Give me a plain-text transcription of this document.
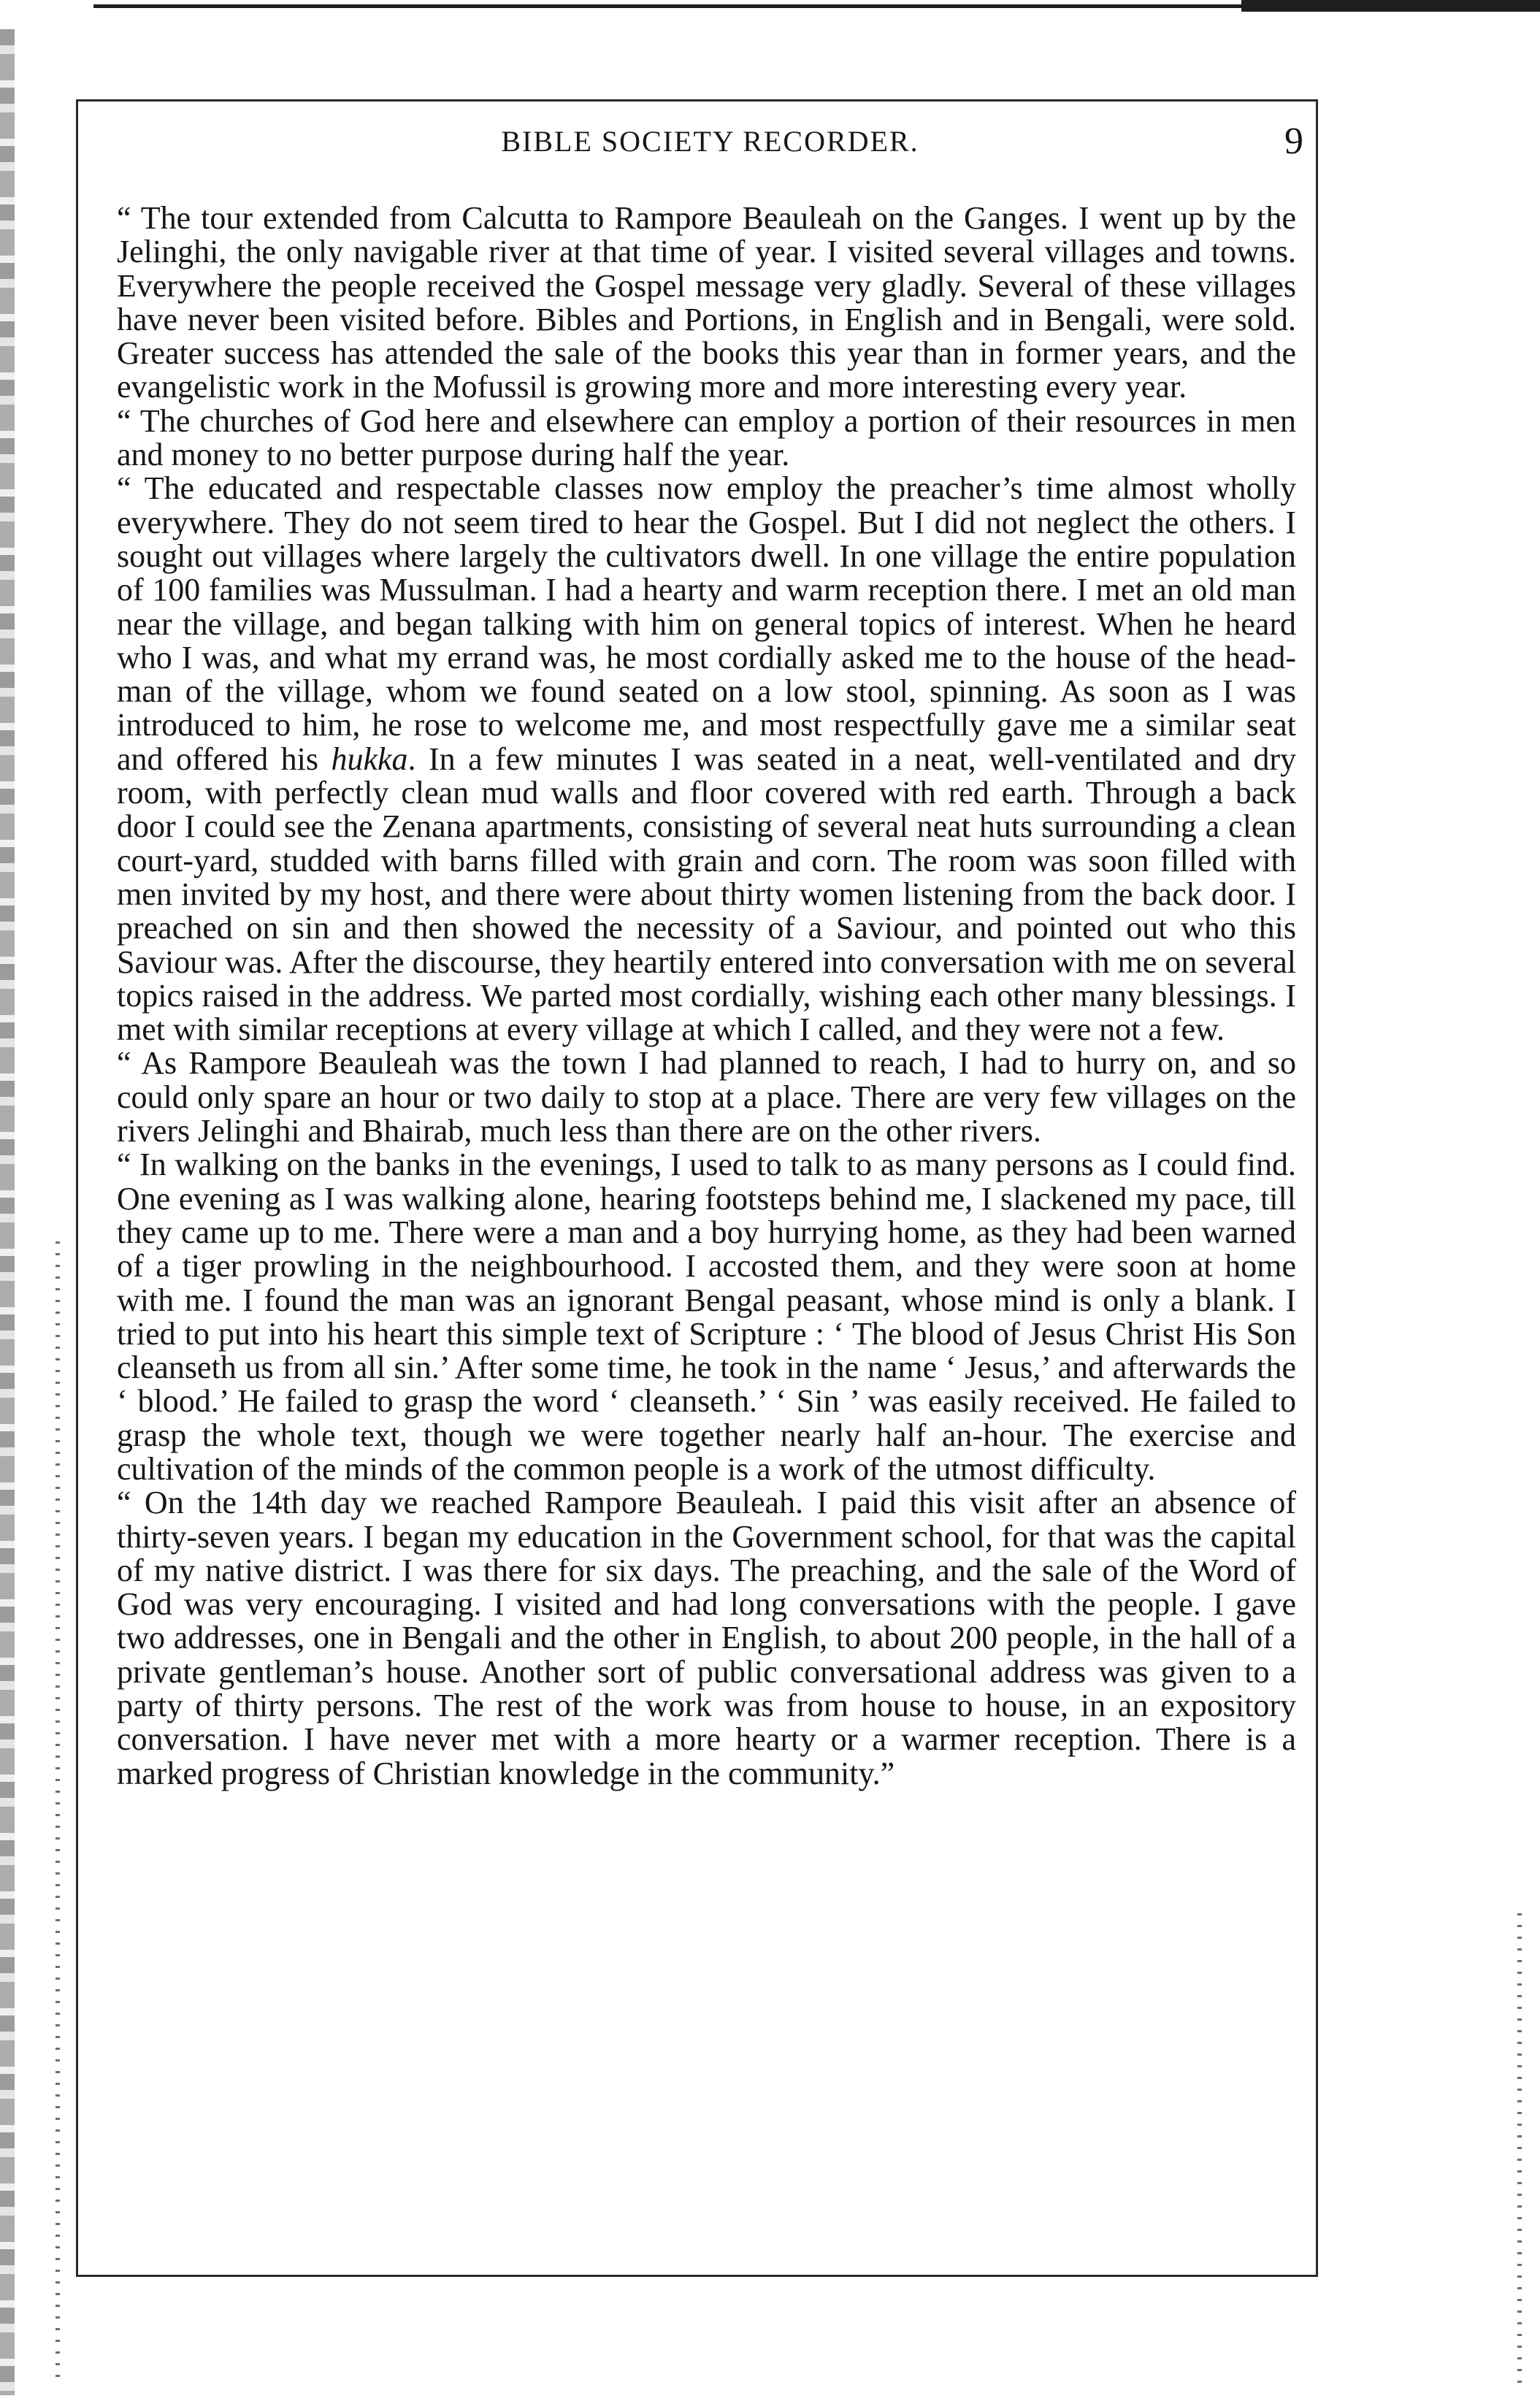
BIBLE SOCIETY RECORDER.	9

“ The tour extended from Calcutta to Rampore Beauleah on the Ganges. I went up by the Jelinghi, the only navigable river at that time of year. I visited several villages and towns. Everywhere the people received the Gospel message very gladly. Several of these villages have never been visited before. Bibles and Portions, in English and in Bengali, were sold. Greater success has attended the sale of the books this year than in former years, and the evangelistic work in the Mofussil is growing more and more interesting every year.

“ The churches of God here and elsewhere can employ a portion of their resources in men and money to no better purpose during half the year.

“ The educated and respectable classes now employ the preacher’s time almost wholly everywhere. They do not seem tired to hear the Gospel. But I did not neglect the others. I sought out villages where largely the cultivators dwell. In one village the entire population of 100 families was Mussulman. I had a hearty and warm reception there. I met an old man near the village, and began talking with him on general topics of interest. When he heard who I was, and what my errand was, he most cordially asked me to the house of the head-man of the village, whom we found seated on a low stool, spinning. As soon as I was introduced to him, he rose to welcome me, and most respectfully gave me a similar seat and offered his hukka. In a few minutes I was seated in a neat, well-ventilated and dry room, with perfectly clean mud walls and floor covered with red earth. Through a back door I could see the Zenana apartments, consisting of several neat huts surrounding a clean court-yard, studded with barns filled with grain and corn. The room was soon filled with men invited by my host, and there were about thirty women listening from the back door. I preached on sin and then showed the necessity of a Saviour, and pointed out who this Saviour was. After the discourse, they heartily entered into conversation with me on several topics raised in the address. We parted most cordially, wishing each other many blessings. I met with similar receptions at every village at which I called, and they were not a few.

“ As Rampore Beauleah was the town I had planned to reach, I had to hurry on, and so could only spare an hour or two daily to stop at a place. There are very few villages on the rivers Jelinghi and Bhairab, much less than there are on the other rivers.

“ In walking on the banks in the evenings, I used to talk to as many persons as I could find. One evening as I was walking alone, hearing footsteps behind me, I slackened my pace, till they came up to me. There were a man and a boy hurrying home, as they had been warned of a tiger prowling in the neighbourhood. I accosted them, and they were soon at home with me. I found the man was an ignorant Bengal peasant, whose mind is only a blank. I tried to put into his heart this simple text of Scripture : ‘ The blood of Jesus Christ His Son cleanseth us from all sin.’ After some time, he took in the name ‘ Jesus,’ and afterwards the ‘ blood.’ He failed to grasp the word ‘ cleanseth.’ ‘ Sin ’ was easily received. He failed to grasp the whole text, though we were together nearly half an-hour. The exercise and cultivation of the minds of the common people is a work of the utmost difficulty.

“ On the 14th day we reached Rampore Beauleah. I paid this visit after an absence of thirty-seven years. I began my education in the Government school, for that was the capital of my native district. I was there for six days. The preaching, and the sale of the Word of God was very encouraging. I visited and had long conversations with the people. I gave two addresses, one in Bengali and the other in English, to about 200 people, in the hall of a private gentleman’s house. Another sort of public conversational address was given to a party of thirty persons. The rest of the work was from house to house, in an expository conversation. I have never met with a more hearty or a warmer reception. There is a marked progress of Christian knowledge in the community.”
